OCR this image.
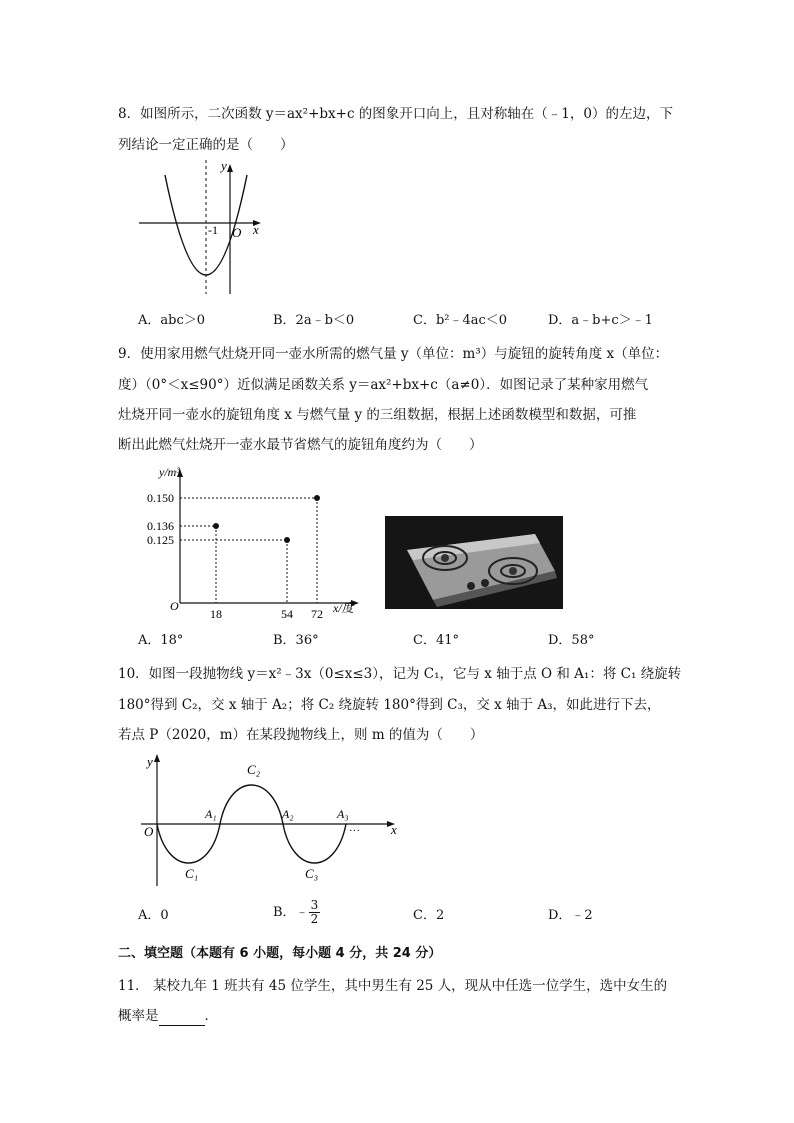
8．如图所示，二次函数 y＝ax²+bx+c 的图象开口向上，且对称轴在（﹣1，0）的左边，下
列结论一定正确的是（　　）
y
x
O
-1
A．abc＞0	B．2a﹣b＜0	C．b²﹣4ac＜0	D．a﹣b+c＞﹣1
9．使用家用燃气灶烧开同一壶水所需的燃气量 y（单位：m³）与旋钮的旋转角度 x（单位：
度）（0°＜x≤90°）近似满足函数关系 y＝ax²+bx+c（a≠0）．如图记录了某种家用燃气
灶烧开同一壶水的旋钮角度 x 与燃气量 y 的三组数据，根据上述函数模型和数据，可推
断出此燃气灶烧开一壶水最节省燃气的旋钮角度约为（　　）
18
0.136
54
0.125
72
0.150
y/m³
x/度
O
A．18°	B．36°	C．41°	D．58°
10．如图一段抛物线 y＝x²﹣3x（0≤x≤3），记为 C₁，它与 x 轴于点 O 和 A₁：将 C₁ 绕旋转
180°得到 C₂，交 x 轴于 A₂；将 C₂ 绕旋转 180°得到 C₃，交 x 轴于 A₃，如此进行下去，
若点 P（2020，m）在某段抛物线上，则 m 的值为（　　）
y
x
O
A₁	A₂	A₃
C₁
C₂
C₃
···
A．0	B．﹣ $\frac{3}{2}$	C．2	D．﹣2
二、填空题（本题有 6 小题，每小题 4 分，共 24 分）
11． 某校九年 1 班共有 45 位学生，其中男生有 25 人，现从中任选一位学生，选中女生的
概率是	．
